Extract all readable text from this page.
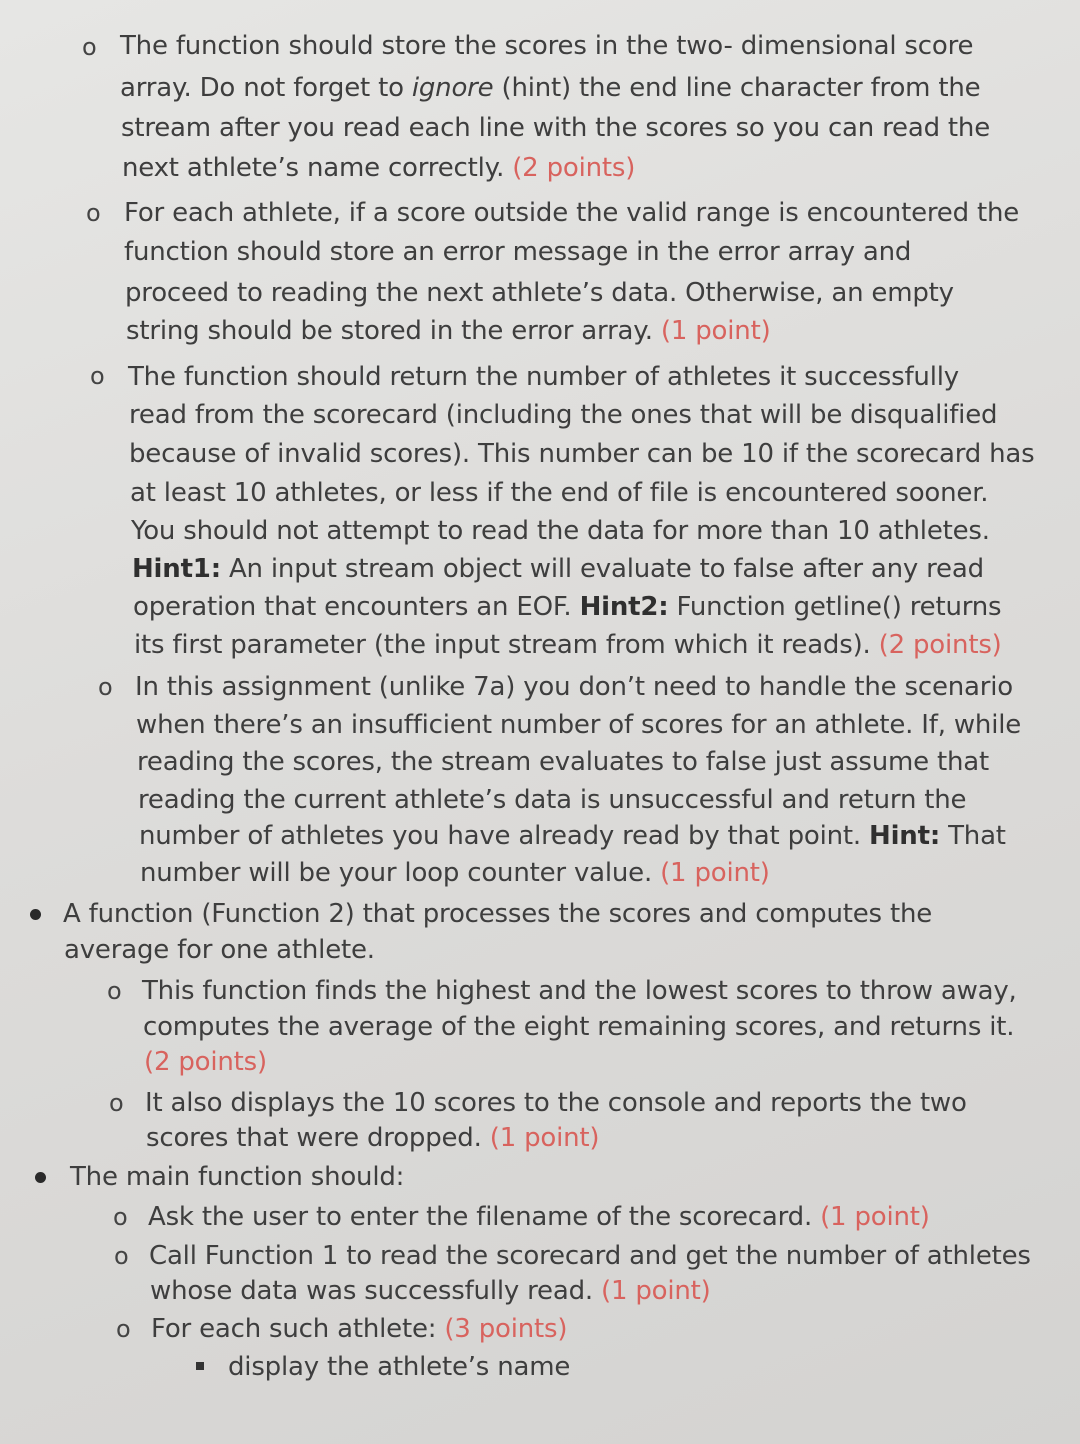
o The function should store the scores in the two- dimensional score
array. Do not forget to ignore (hint) the end line character from the
stream after you read each line with the scores so you can read the
next athlete’s name correctly. (2 points)
o For each athlete, if a score outside the valid range is encountered the
function should store an error message in the error array and
proceed to reading the next athlete’s data. Otherwise, an empty
string should be stored in the error array. (1 point)
o The function should return the number of athletes it successfully
read from the scorecard (including the ones that will be disqualified
because of invalid scores). This number can be 10 if the scorecard has
at least 10 athletes, or less if the end of file is encountered sooner.
You should not attempt to read the data for more than 10 athletes.
Hint1: An input stream object will evaluate to false after any read
operation that encounters an EOF. Hint2: Function getline() returns
its first parameter (the input stream from which it reads). (2 points)
o In this assignment (unlike 7a) you don’t need to handle the scenario
when there’s an insufficient number of scores for an athlete. If, while
reading the scores, the stream evaluates to false just assume that
reading the current athlete’s data is unsuccessful and return the
number of athletes you have already read by that point. Hint: That
number will be your loop counter value. (1 point)
A function (Function 2) that processes the scores and computes the
average for one athlete.
o This function finds the highest and the lowest scores to throw away,
computes the average of the eight remaining scores, and returns it.
(2 points)
o It also displays the 10 scores to the console and reports the two
scores that were dropped. (1 point)
The main function should:
o Ask the user to enter the filename of the scorecard. (1 point)
o Call Function 1 to read the scorecard and get the number of athletes
whose data was successfully read. (1 point)
o For each such athlete: (3 points)
display the athlete’s name
